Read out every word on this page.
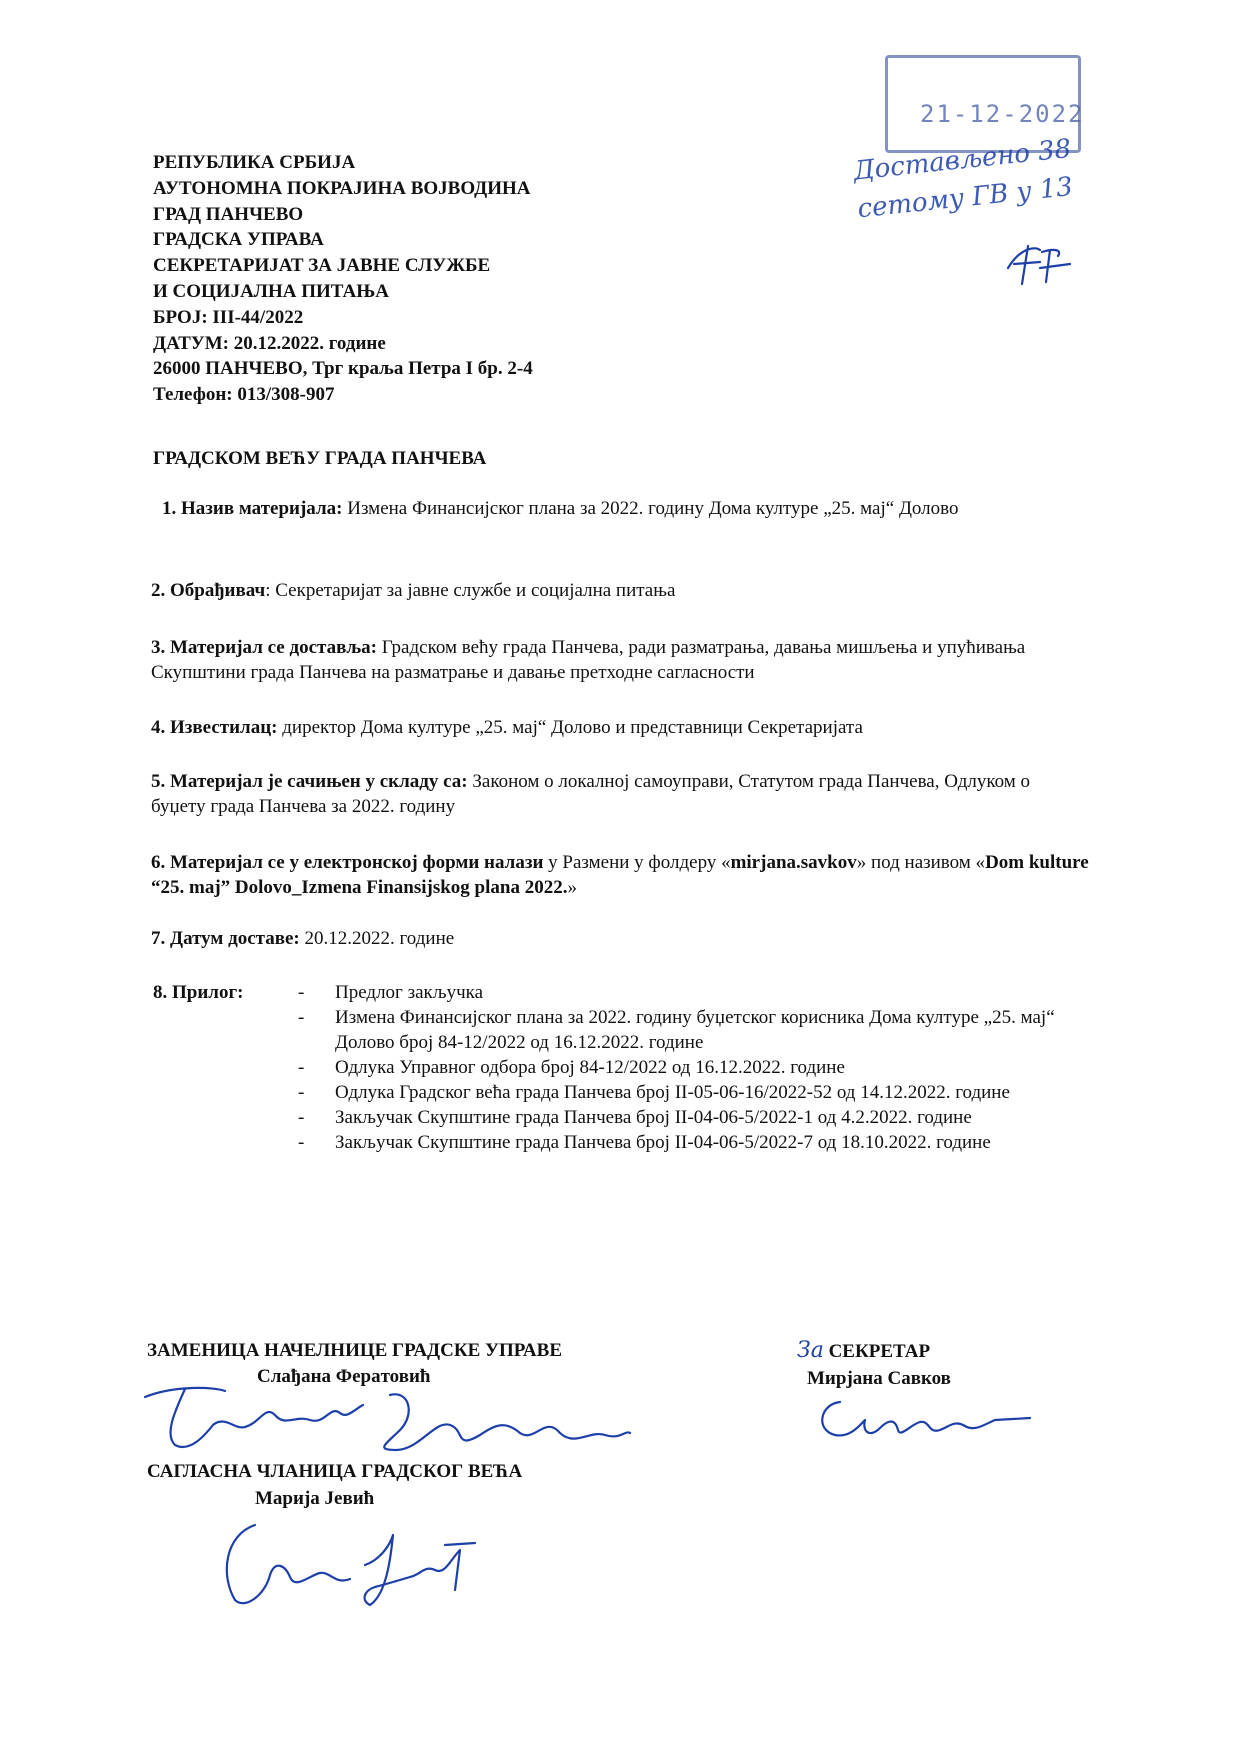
21-12-2022
Достављено 38 сетому ГВ у 13
РЕПУБЛИКА СРБИЈА
АУТОНОМНА ПОКРАЈИНА ВОЈВОДИНА
ГРАД ПАНЧЕВО
ГРАДСКА УПРАВА
СЕКРЕТАРИЈАТ ЗА ЈАВНЕ СЛУЖБЕ
И СОЦИЈАЛНА ПИТАЊА
БРОЈ: III-44/2022
ДАТУМ: 20.12.2022. године
26000 ПАНЧЕВО, Трг краља Петра I бр. 2-4
Телефон: 013/308-907
ГРАДСКОМ ВЕЋУ ГРАДА ПАНЧЕВА
1. Назив материјала: Измена Финансијског плана за 2022. годину Дома културе „25. мај“ Долово
2. Обрађивач: Секретаријат за јавне службе и социјална питања
3. Материјал се доставља: Градском већу града Панчева, ради разматрања, давања мишљења и упућивања Скупштини града Панчева на разматрање и давање претходне сагласности
4. Известилац: директор Дома културе „25. мај“ Долово и представници Секретаријата
5. Материјал је сачињен у складу са: Законом о локалној самоуправи, Статутом града Панчева, Одлуком о буџету града Панчева за 2022. годину
6. Материјал се у електронској форми налази у Размени у фолдеру «mirjana.savkov» под називом «Dom kulture “25. maj” Dolovo_Izmena Finansijskog plana 2022.»
7. Датум доставе: 20.12.2022. године
8. Прилог:	- Предлог закључка
- Измена Финансијског плана за 2022. годину буџетског корисника Дома културе „25. мај“ Долово број 84-12/2022 од 16.12.2022. године
- Одлука Управног одбора број 84-12/2022 од 16.12.2022. године
- Одлука Градског већа града Панчева број II-05-06-16/2022-52 од 14.12.2022. године
- Закључак Скупштине града Панчева број II-04-06-5/2022-1 од 4.2.2022. године
- Закључак Скупштине града Панчева број II-04-06-5/2022-7 од 18.10.2022. године
ЗАМЕНИЦА НАЧЕЛНИЦЕ ГРАДСКЕ УПРАВЕ
Слађана Ферaтовић
САГЛАСНА ЧЛАНИЦА ГРАДСКОГ ВЕЋА
Марија Јевић
За СЕКРЕТАР
Мирјана Савков
